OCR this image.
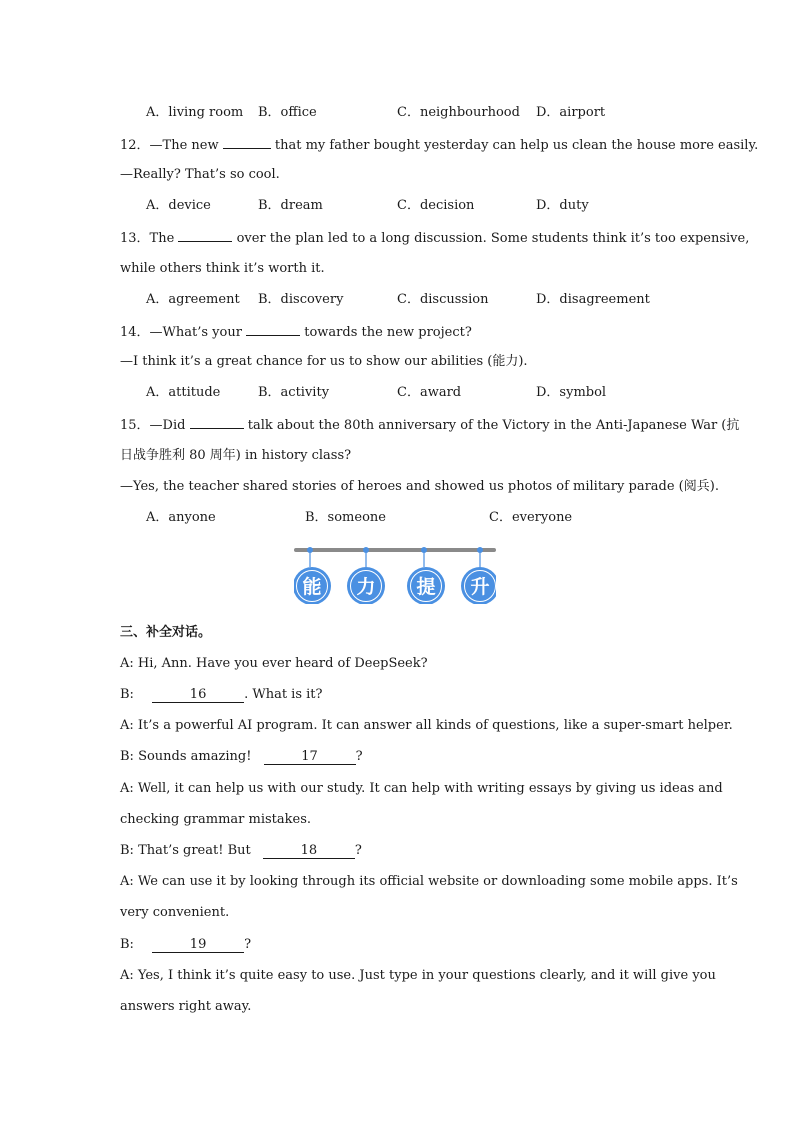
A．living room B．office	C．neighbourhood D．airport
12．—The new	that my father bought yesterday can help us clean the house more easily.
—Really? That’s so cool.
A．device	B．dream	C．decision	D．duty
13．The	over the plan led to a long discussion. Some students think it’s too expensive,
while others think it’s worth it.
A．agreement B．discovery	C．discussion	D．disagreement
14．—What’s your	towards the new project?
—I think it’s a great chance for us to show our abilities (能力).
A．attitude	B．activity	C．award	D．symbol
15．—Did	talk about the 80th anniversary of the Victory in the Anti-Japanese War (抗
日战争胜利 80 周年) in history class?
—Yes, the teacher shared stories of heroes and showed us photos of military parade (阅兵).
A．anyone	B．someone	C．everyone
能 力 提 升
三、补全对话。
A: Hi, Ann. Have you ever heard of DeepSeek?
B:	16	. What is it?
A: It’s a powerful AI program. It can answer all kinds of questions, like a super-smart helper.
B: Sounds amazing!	17	?
A: Well, it can help us with our study. It can help with writing essays by giving us ideas and
checking grammar mistakes.
B: That’s great! But	18	?
A: We can use it by looking through its official website or downloading some mobile apps. It’s
very convenient.
B:	19	?
A: Yes, I think it’s quite easy to use. Just type in your questions clearly, and it will give you
answers right away.
